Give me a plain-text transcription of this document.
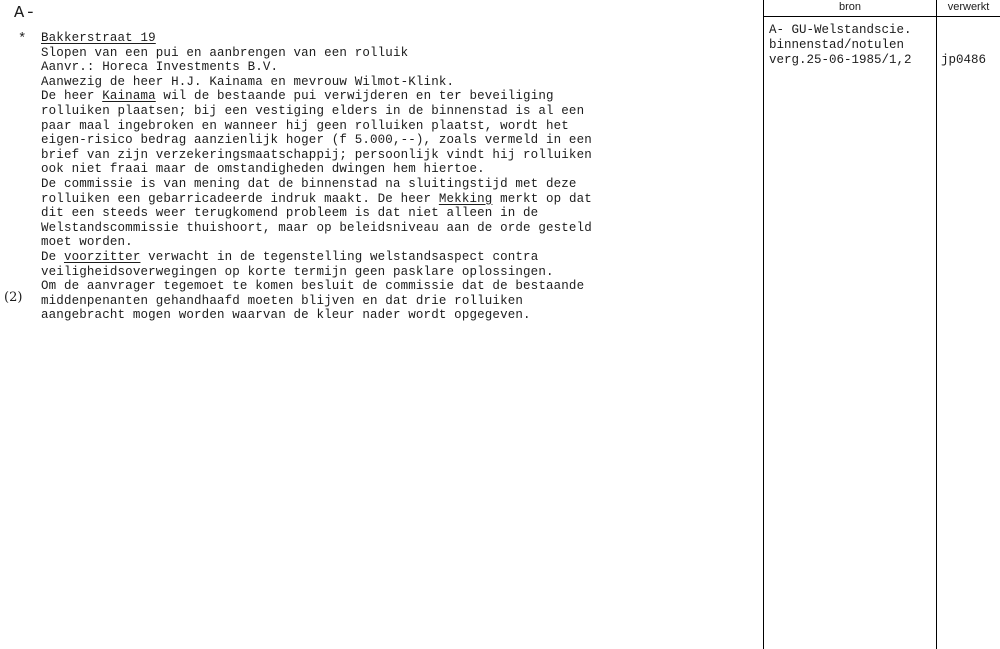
A-
*
(2)
Bakkerstraat 19
Slopen van een pui en aanbrengen van een rolluik
Aanvr.: Horeca Investments B.V.
Aanwezig de heer H.J. Kainama en mevrouw Wilmot-Klink.
De heer Kainama wil de bestaande pui verwijderen en ter beveiliging
rolluiken plaatsen; bij een vestiging elders in de binnenstad is al een
paar maal ingebroken en wanneer hij geen rolluiken plaatst, wordt het
eigen-risico bedrag aanzienlijk hoger (f 5.000,--), zoals vermeld in een
brief van zijn verzekeringsmaatschappij; persoonlijk vindt hij rolluiken
ook niet fraai maar de omstandigheden dwingen hem hiertoe.
De commissie is van mening dat de binnenstad na sluitingstijd met deze
rolluiken een gebarricadeerde indruk maakt. De heer Mekking merkt op dat
dit een steeds weer terugkomend probleem is dat niet alleen in de
Welstandscommissie thuishoort, maar op beleidsniveau aan de orde gesteld
moet worden.
De voorzitter verwacht in de tegenstelling welstandsaspect contra
veiligheidsoverwegingen op korte termijn geen pasklare oplossingen.
Om de aanvrager tegemoet te komen besluit de commissie dat de bestaande
middenpenanten gehandhaafd moeten blijven en dat drie rolluiken
aangebracht mogen worden waarvan de kleur nader wordt opgegeven.
bron	verwerkt
A- GU-Welstandscie.
binnenstad/notulen
verg.25-06-1985/1,2	jp0486
